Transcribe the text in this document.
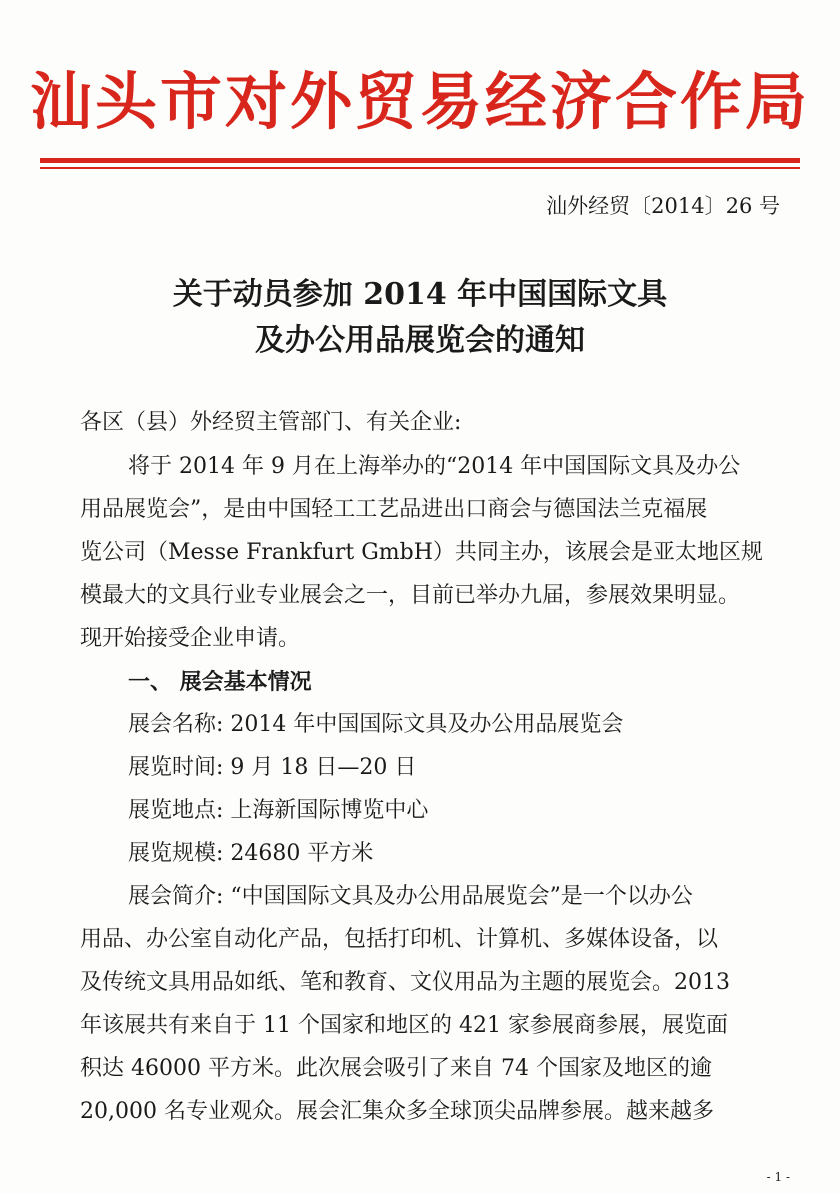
汕头市对外贸易经济合作局
汕外经贸〔2014〕26 号
关于动员参加 2014 年中国国际文具
及办公用品展览会的通知
各区（县）外经贸主管部门、有关企业:
将于 2014 年 9 月在上海举办的“2014 年中国国际文具及办公
用品展览会”，是由中国轻工工艺品进出口商会与德国法兰克福展
览公司（Messe Frankfurt GmbH）共同主办，该展会是亚太地区规
模最大的文具行业专业展会之一，目前已举办九届，参展效果明显。
现开始接受企业申请。
一、 展会基本情况
展会名称: 2014 年中国国际文具及办公用品展览会
展览时间: 9 月 18 日—20 日
展览地点: 上海新国际博览中心
展览规模: 24680 平方米
展会简介: “中国国际文具及办公用品展览会”是一个以办公
用品、办公室自动化产品，包括打印机、计算机、多媒体设备，以
及传统文具用品如纸、笔和教育、文仪用品为主题的展览会。2013
年该展共有来自于 11 个国家和地区的 421 家参展商参展，展览面
积达 46000 平方米。此次展会吸引了来自 74 个国家及地区的逾
20,000 名专业观众。展会汇集众多全球顶尖品牌参展。越来越多
- 1 -
